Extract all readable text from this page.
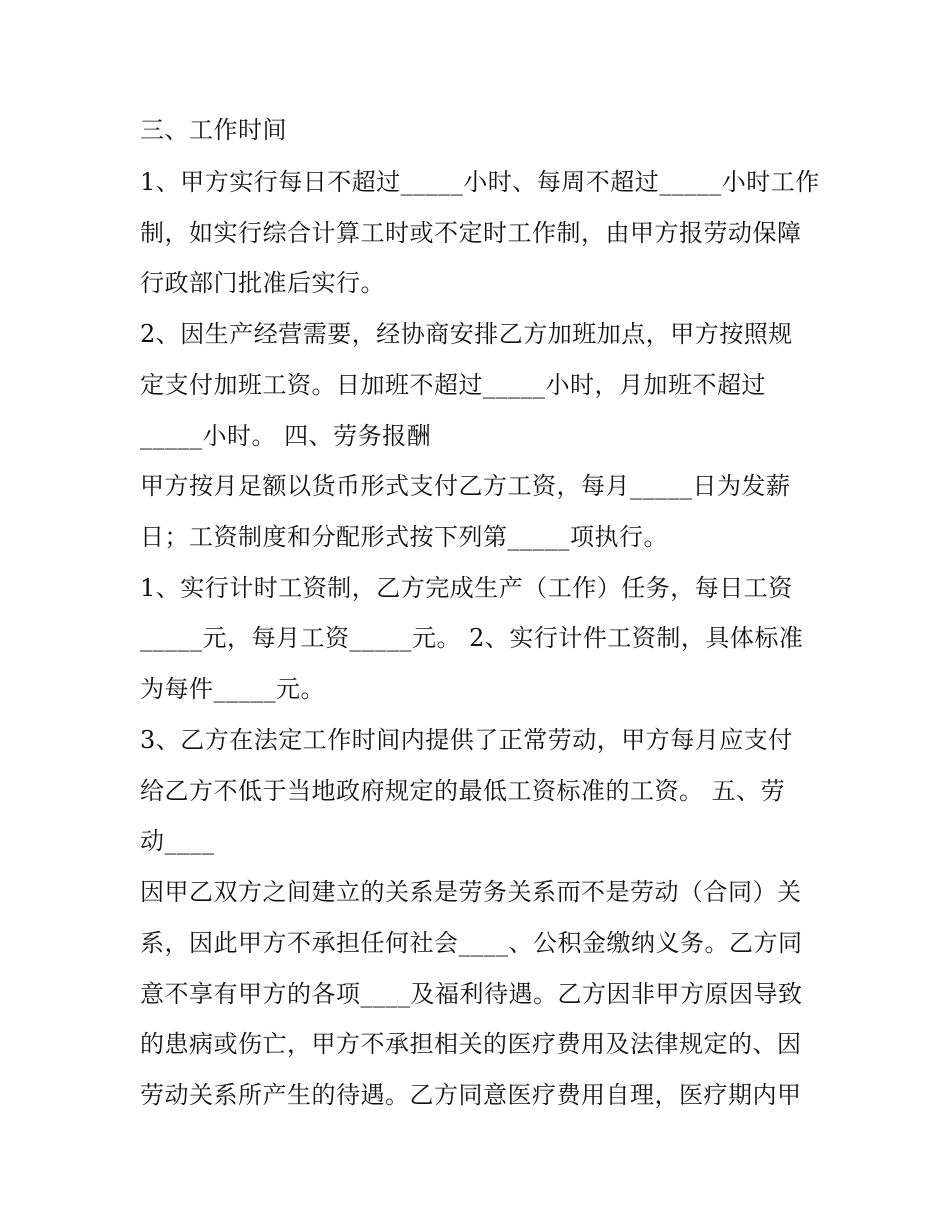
三、工作时间

1、甲方实行每日不超过_____小时、每周不超过_____小时工作

制，如实行综合计算工时或不定时工作制，由甲方报劳动保障

行政部门批准后实行。

2、因生产经营需要，经协商安排乙方加班加点，甲方按照规

定支付加班工资。日加班不超过_____小时，月加班不超过

_____小时。 四、劳务报酬

甲方按月足额以货币形式支付乙方工资，每月_____日为发薪

日；工资制度和分配形式按下列第_____项执行。

1、实行计时工资制，乙方完成生产（工作）任务，每日工资

_____元，每月工资_____元。 2、实行计件工资制，具体标准

为每件_____元。

3、乙方在法定工作时间内提供了正常劳动，甲方每月应支付

给乙方不低于当地政府规定的最低工资标准的工资。 五、劳

动____

因甲乙双方之间建立的关系是劳务关系而不是劳动（合同）关

系，因此甲方不承担任何社会____、公积金缴纳义务。乙方同

意不享有甲方的各项____及福利待遇。乙方因非甲方原因导致

的患病或伤亡，甲方不承担相关的医疗费用及法律规定的、因

劳动关系所产生的待遇。乙方同意医疗费用自理，医疗期内甲
